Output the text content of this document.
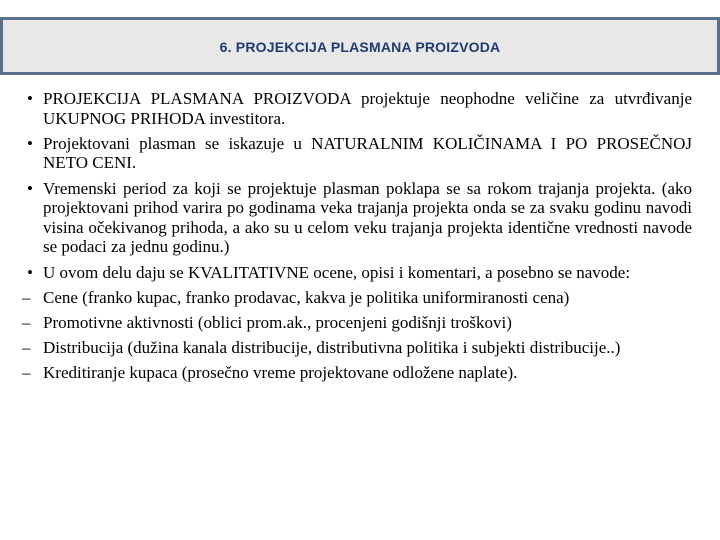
6. PROJEKCIJA PLASMANA PROIZVODA
• PROJEKCIJA PLASMANA PROIZVODA projektuje neophodne veličine za utvrđivanje UKUPNOG PRIHODA investitora.
• Projektovani plasman se iskazuje u NATURALNIM KOLIČINAMA I PO PROSEČNOJ NETO CENI.
• Vremenski period za koji se projektuje plasman poklapa se sa rokom trajanja projekta. (ako projektovani prihod varira po godinama veka trajanja projekta onda se za svaku godinu navodi visina očekivanog prihoda, a ako su u celom veku trajanja projekta identične vrednosti navode se podaci za jednu godinu.)
• U ovom delu daju se KVALITATIVNE ocene, opisi i komentari, a posebno se navode:
– Cene (franko kupac, franko prodavac, kakva je politika uniformiranosti cena)
– Promotivne aktivnosti (oblici prom.ak., procenjeni godišnji troškovi)
– Distribucija (dužina kanala distribucije, distributivna politika i subjekti distribucije..)
– Kreditiranje kupaca (prosečno vreme projektovane odložene naplate).
